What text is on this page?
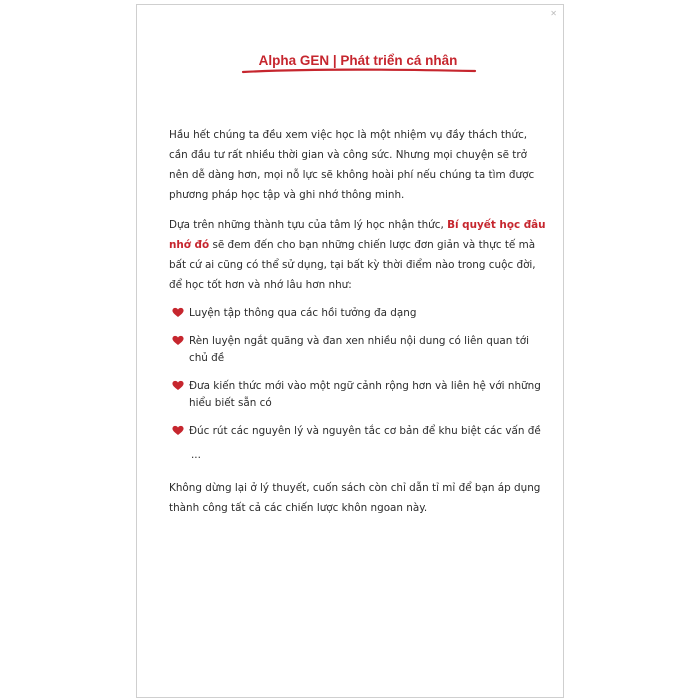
✕
Alpha GEN | Phát triển cá nhân

Hầu hết chúng ta đều xem việc học là một nhiệm vụ đầy thách thức, cần đầu tư rất nhiều thời gian và công sức. Nhưng mọi chuyện sẽ trở nên dễ dàng hơn, mọi nỗ lực sẽ không hoài phí nếu chúng ta tìm được phương pháp học tập và ghi nhớ thông minh.

Dựa trên những thành tựu của tâm lý học nhận thức, Bí quyết học đâu nhớ đó sẽ đem đến cho bạn những chiến lược đơn giản và thực tế mà bất cứ ai cũng có thể sử dụng, tại bất kỳ thời điểm nào trong cuộc đời, để học tốt hơn và nhớ lâu hơn như:

Luyện tập thông qua các hồi tưởng đa dạng
Rèn luyện ngắt quãng và đan xen nhiều nội dung có liên quan tới chủ đề
Đưa kiến thức mới vào một ngữ cảnh rộng hơn và liên hệ với những hiểu biết sẵn có
Đúc rút các nguyên lý và nguyên tắc cơ bản để khu biệt các vấn đề
...

Không dừng lại ở lý thuyết, cuốn sách còn chỉ dẫn tỉ mỉ để bạn áp dụng thành công tất cả các chiến lược khôn ngoan này.
